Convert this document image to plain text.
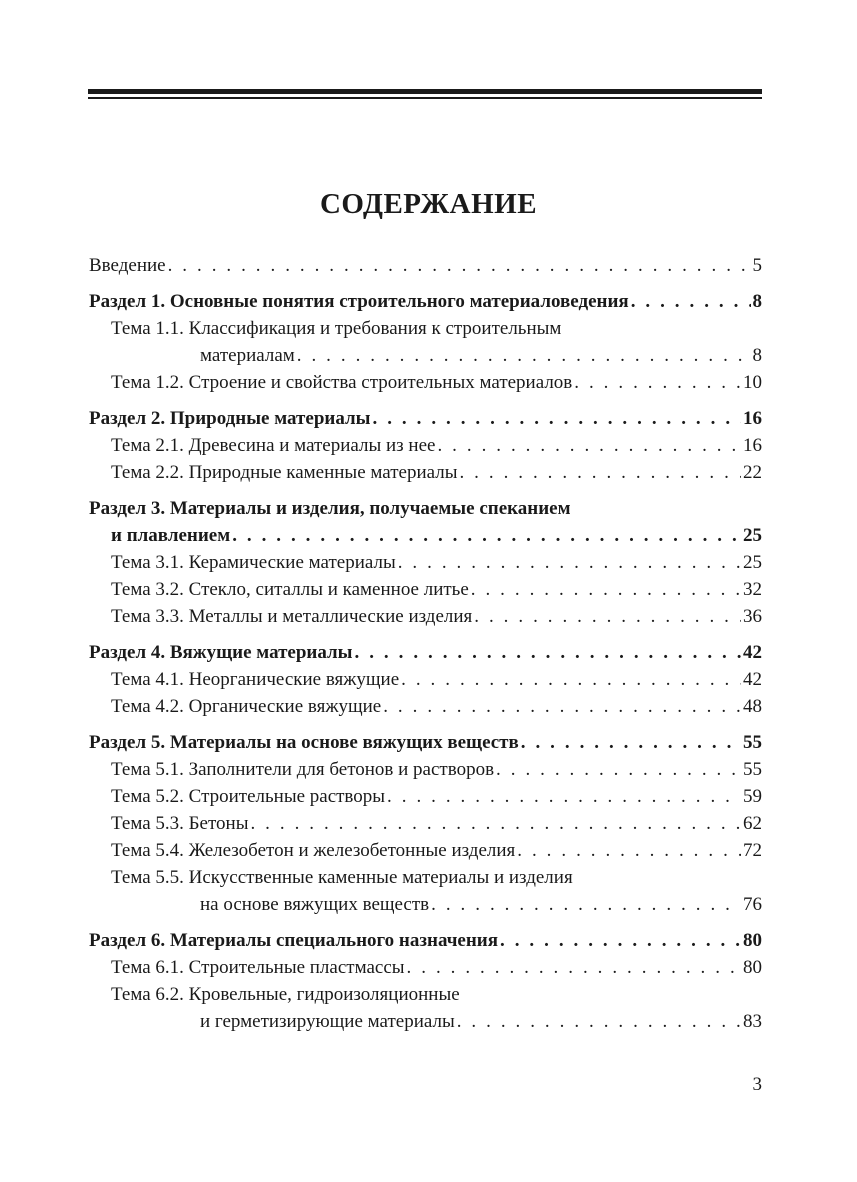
СОДЕРЖАНИЕ
Введение . . .	5
Раздел 1. Основные понятия строительного материаловедения . . .	8
Тема 1.1. Классификация и требования к строительным
материалам . . .	8
Тема 1.2. Строение и свойства строительных материалов . . .	10
Раздел 2. Природные материалы . . .	16
Тема 2.1. Древесина и материалы из нее . . .	16
Тема 2.2. Природные каменные материалы . . .	22
Раздел 3. Материалы и изделия, получаемые спеканием
и плавлением . . .	25
Тема 3.1. Керамические материалы . . .	25
Тема 3.2. Стекло, ситаллы и каменное литье . . .	32
Тема 3.3. Металлы и металлические изделия . . .	36
Раздел 4. Вяжущие материалы . . .	42
Тема 4.1. Неорганические вяжущие . . .	42
Тема 4.2. Органические вяжущие . . .	48
Раздел 5. Материалы на основе вяжущих веществ . . .	55
Тема 5.1. Заполнители для бетонов и растворов . . .	55
Тема 5.2. Строительные растворы . . .	59
Тема 5.3. Бетоны . . .	62
Тема 5.4. Железобетон и железобетонные изделия . . .	72
Тема 5.5. Искусственные каменные материалы и изделия
на основе вяжущих веществ . . .	76
Раздел 6. Материалы специального назначения . . .	80
Тема 6.1. Строительные пластмассы . . .	80
Тема 6.2. Кровельные, гидроизоляционные
и герметизирующие материалы . . .	83
3
